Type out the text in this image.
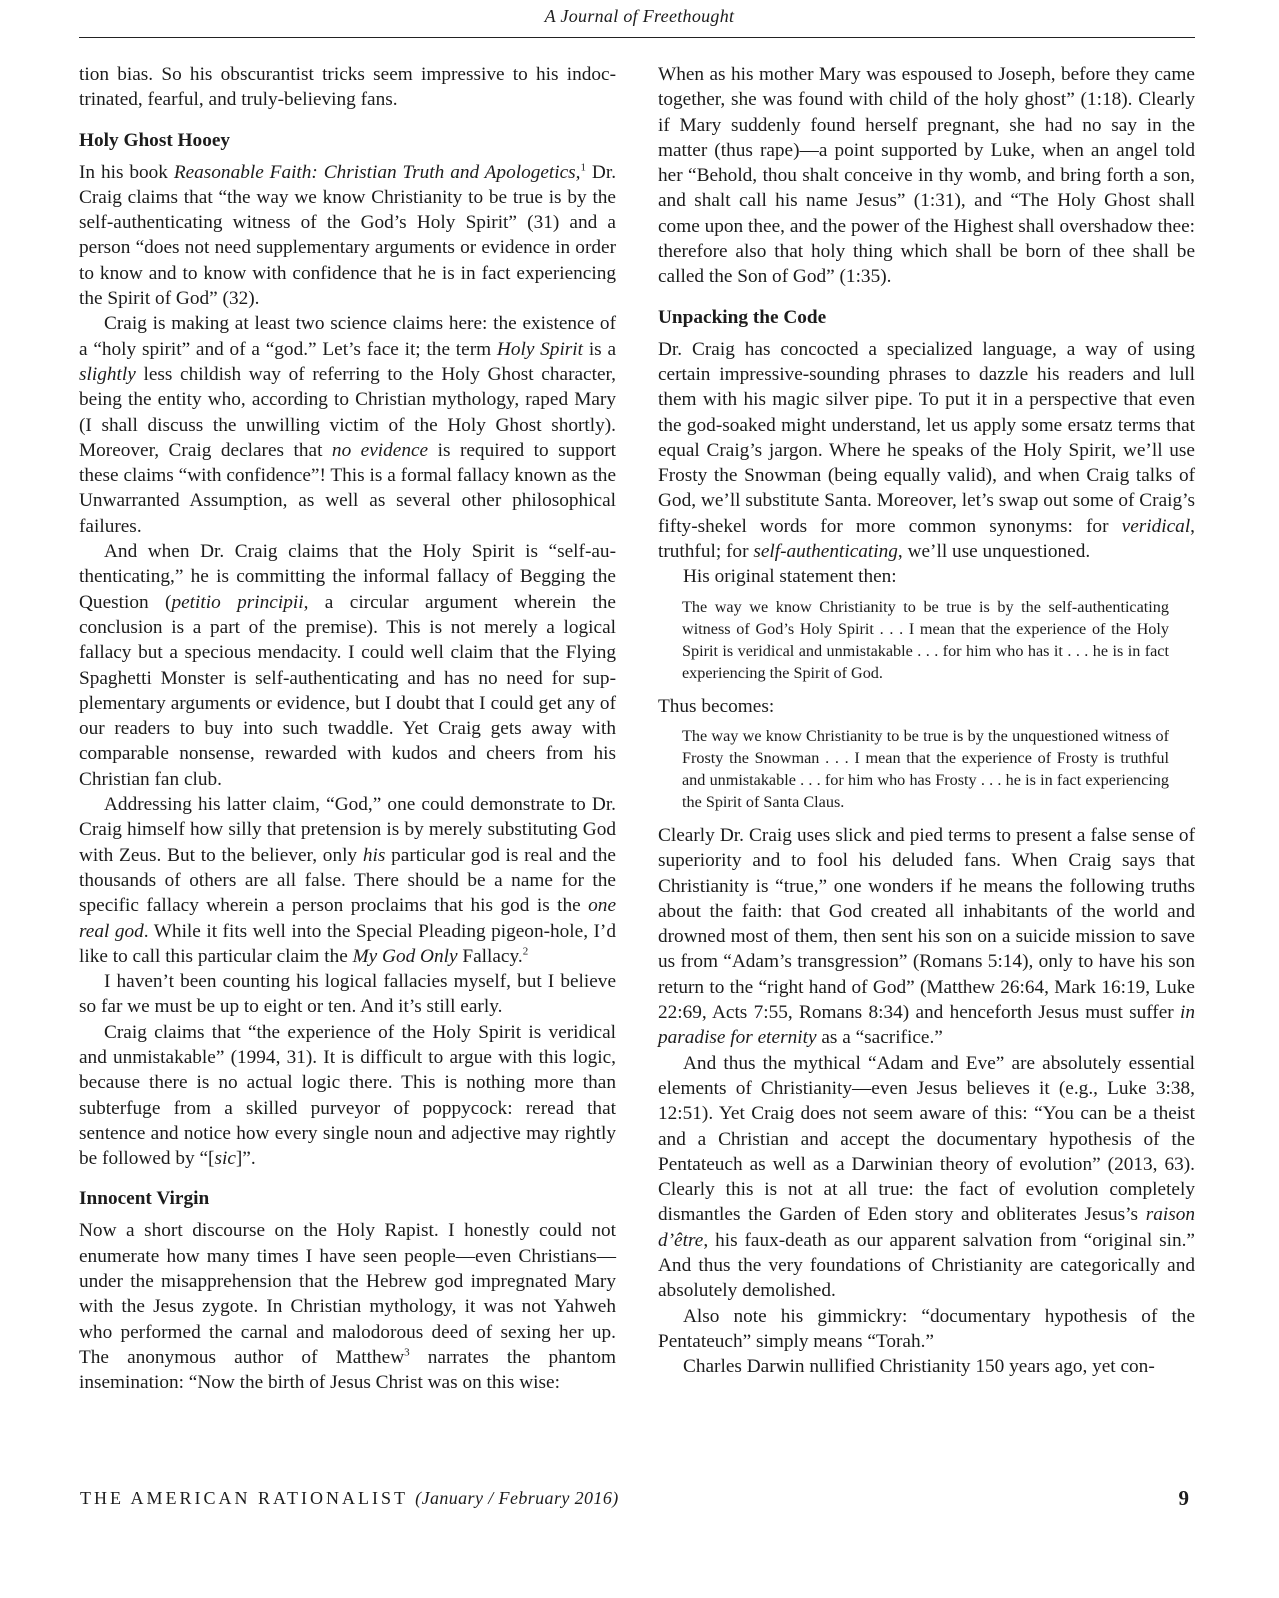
A Journal of Freethought

tion bias. So his obscurantist tricks seem impressive to his indoctrinated, fearful, and truly-believing fans.

Holy Ghost Hooey

In his book Reasonable Faith: Christian Truth and Apologetics,$^1$ Dr. Craig claims that “the way we know Christianity to be true is by the self-authenticating witness of the God’s Holy Spirit” (31) and a person “does not need supplementary arguments or evidence in order to know and to know with confidence that he is in fact experiencing the Spirit of God” (32).

Craig is making at least two science claims here: the existence of a “holy spirit” and of a “god.” Let’s face it; the term Holy Spirit is a slightly less childish way of referring to the Holy Ghost character, being the entity who, according to Christian mythology, raped Mary (I shall discuss the unwilling victim of the Holy Ghost shortly). Moreover, Craig declares that no evidence is required to support these claims “with confidence”! This is a formal fallacy known as the Unwarranted Assumption, as well as several other philosophical failures.

And when Dr. Craig claims that the Holy Spirit is “self-authenticating,” he is committing the informal fallacy of Begging the Question (petitio principii, a circular argument wherein the conclusion is a part of the premise). This is not merely a logical fallacy but a specious mendacity. I could well claim that the Flying Spaghetti Monster is self-authenticating and has no need for supplementary arguments or evidence, but I doubt that I could get any of our readers to buy into such twaddle. Yet Craig gets away with comparable nonsense, rewarded with kudos and cheers from his Christian fan club.

Addressing his latter claim, “God,” one could demonstrate to Dr. Craig himself how silly that pretension is by merely substituting God with Zeus. But to the believer, only his particular god is real and the thousands of others are all false. There should be a name for the specific fallacy wherein a person proclaims that his god is the one real god. While it fits well into the Special Pleading pigeon-hole, I’d like to call this particular claim the My God Only Fallacy.$^2$

I haven’t been counting his logical fallacies myself, but I believe so far we must be up to eight or ten. And it’s still early.

Craig claims that “the experience of the Holy Spirit is veridical and unmistakable” (1994, 31). It is difficult to argue with this logic, because there is no actual logic there. This is nothing more than subterfuge from a skilled purveyor of poppycock: reread that sentence and notice how every single noun and adjective may rightly be followed by “[sic]”.

Innocent Virgin

Now a short discourse on the Holy Rapist. I honestly could not enumerate how many times I have seen people—even Christians—under the misapprehension that the Hebrew god impregnated Mary with the Jesus zygote. In Christian mythology, it was not Yahweh who performed the carnal and malodorous deed of sexing her up. The anonymous author of Matthew$^3$ narrates the phantom insemination: “Now the birth of Jesus Christ was on this wise:

When as his mother Mary was espoused to Joseph, before they came together, she was found with child of the holy ghost” (1:18). Clearly if Mary suddenly found herself pregnant, she had no say in the matter (thus rape)—a point supported by Luke, when an angel told her “Behold, thou shalt conceive in thy womb, and bring forth a son, and shalt call his name Jesus” (1:31), and “The Holy Ghost shall come upon thee, and the power of the Highest shall overshadow thee: therefore also that holy thing which shall be born of thee shall be called the Son of God” (1:35).

Unpacking the Code

Dr. Craig has concocted a specialized language, a way of using certain impressive-sounding phrases to dazzle his readers and lull them with his magic silver pipe. To put it in a perspective that even the god-soaked might understand, let us apply some ersatz terms that equal Craig’s jargon. Where he speaks of the Holy Spirit, we’ll use Frosty the Snowman (being equally valid), and when Craig talks of God, we’ll substitute Santa. Moreover, let’s swap out some of Craig’s fifty-shekel words for more common synonyms: for veridical, truthful; for self-authenticating, we’ll use unquestioned.

His original statement then:

The way we know Christianity to be true is by the self-authenticating witness of God’s Holy Spirit . . . I mean that the experience of the Holy Spirit is veridical and unmistakable . . . for him who has it . . . he is in fact experiencing the Spirit of God.

Thus becomes:

The way we know Christianity to be true is by the unquestioned witness of Frosty the Snowman . . . I mean that the experience of Frosty is truthful and unmistakable . . . for him who has Frosty . . . he is in fact experiencing the Spirit of Santa Claus.

Clearly Dr. Craig uses slick and pied terms to present a false sense of superiority and to fool his deluded fans. When Craig says that Christianity is “true,” one wonders if he means the following truths about the faith: that God created all inhabitants of the world and drowned most of them, then sent his son on a suicide mission to save us from “Adam’s transgression” (Romans 5:14), only to have his son return to the “right hand of God” (Matthew 26:64, Mark 16:19, Luke 22:69, Acts 7:55, Romans 8:34) and henceforth Jesus must suffer in paradise for eternity as a “sacrifice.”

And thus the mythical “Adam and Eve” are absolutely essential elements of Christianity—even Jesus believes it (e.g., Luke 3:38, 12:51). Yet Craig does not seem aware of this: “You can be a theist and a Christian and accept the documentary hypothesis of the Pentateuch as well as a Darwinian theory of evolution” (2013, 63). Clearly this is not at all true: the fact of evolution completely dismantles the Garden of Eden story and obliterates Jesus’s raison d’être, his faux-death as our apparent salvation from “original sin.” And thus the very foundations of Christianity are categorically and absolutely demolished.

Also note his gimmickry: “documentary hypothesis of the Pentateuch” simply means “Torah.”

Charles Darwin nullified Christianity 150 years ago, yet con-

THE AMERICAN RATIONALIST (January / February 2016)	9
